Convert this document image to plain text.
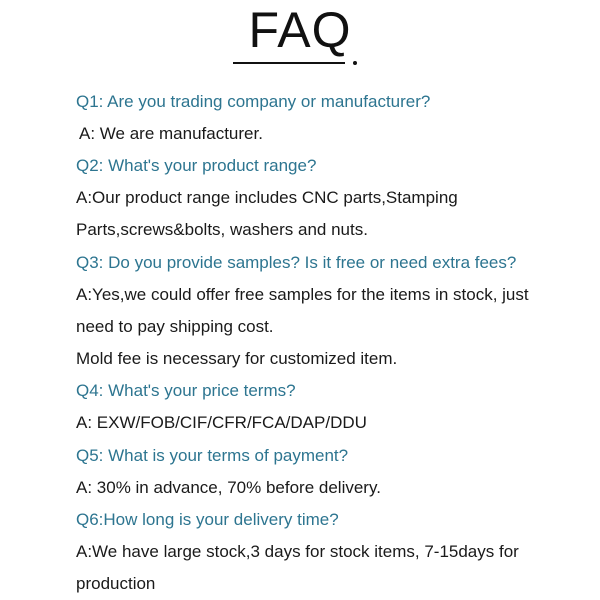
FAQ
Q1: Are you trading company or manufacturer?
A: We are manufacturer.
Q2: What's your product range?
A:Our product range includes CNC parts,Stamping
Parts,screws&bolts, washers and nuts.
Q3: Do you provide samples? Is it free or need extra fees?
A:Yes,we could offer free samples for the items in stock, just
need to pay shipping cost.
Mold fee is necessary for customized item.
Q4: What's your price terms?
A: EXW/FOB/CIF/CFR/FCA/DAP/DDU
Q5: What is your terms of payment?
A: 30% in advance, 70% before delivery.
Q6:How long is your delivery time?
A:We have large stock,3 days for stock items, 7-15days for
production
